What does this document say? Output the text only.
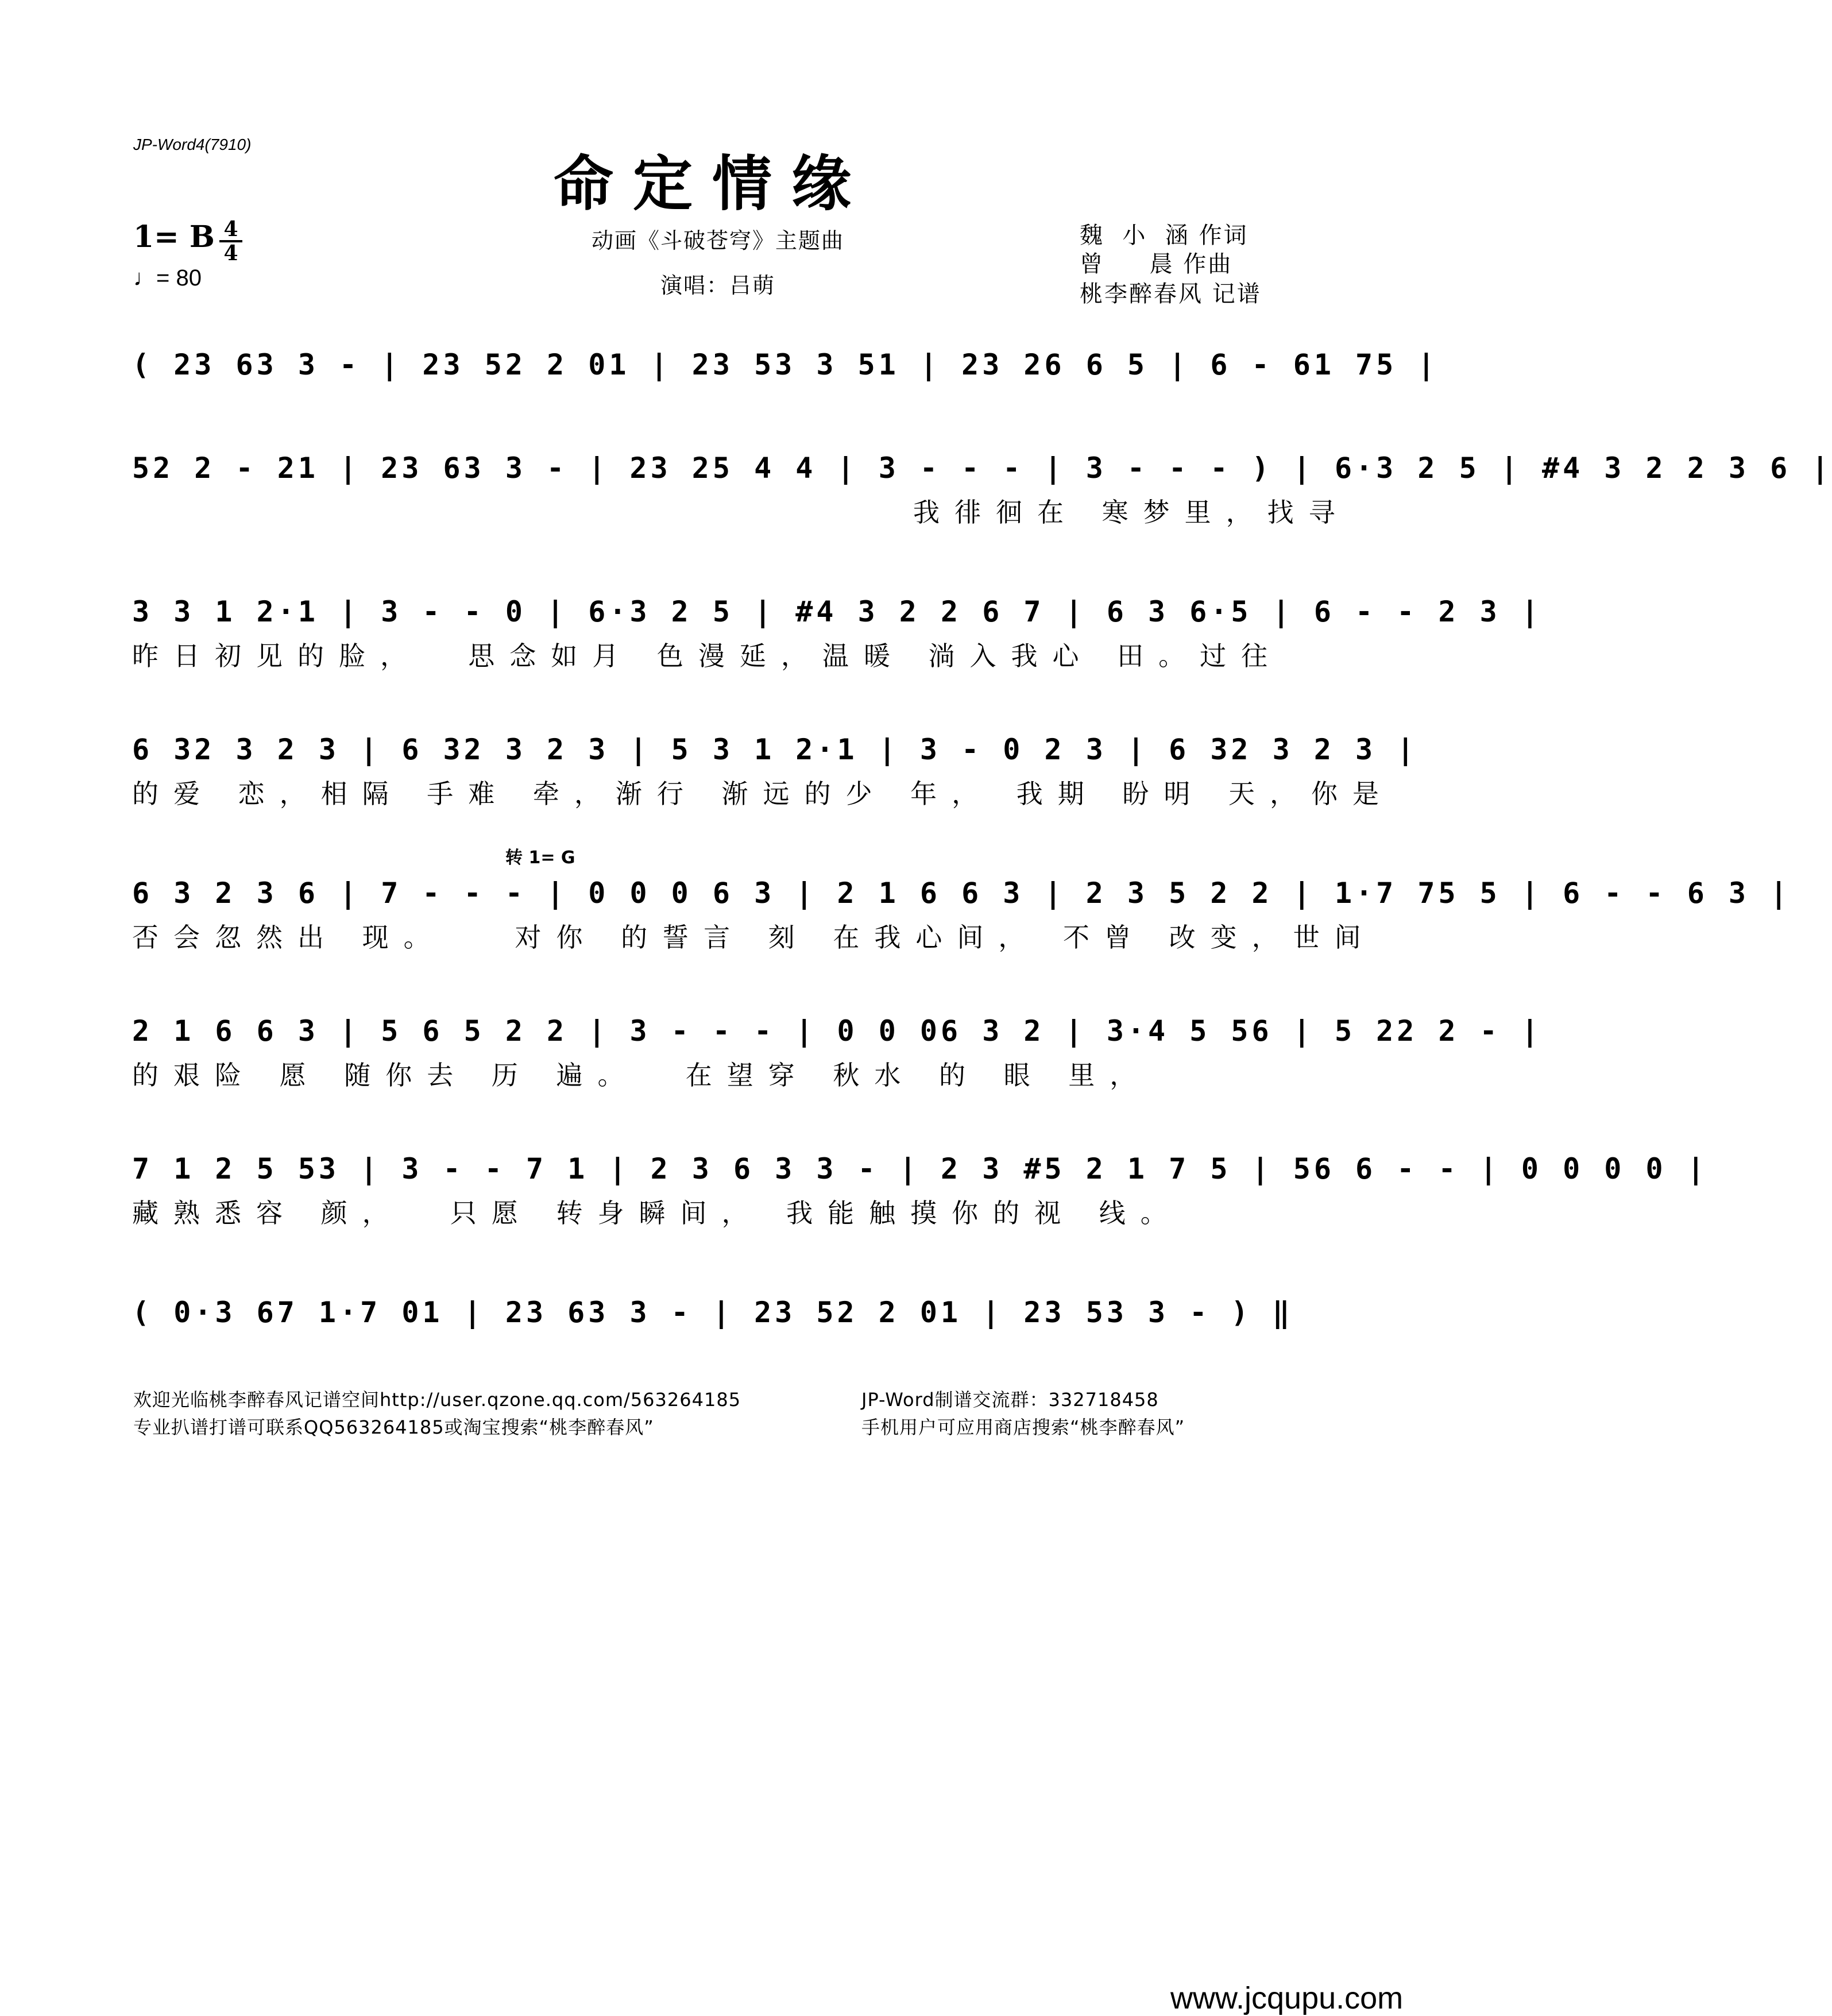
JP-Word4(7910)
命定情缘
1= B $\frac{4}{4}$
♩= 80
动画《斗破苍穹》主题曲
演唱：吕萌
魏  小  涵 作词
曾     晨 作曲
桃李醉春风 记谱
( 23 63 3 - | 23 52 2 01 | 23 53 3 51 | 23 26 6 5 | 6 - 61 75 |
52 2 - 21 | 23 63 3 - | 23 25 4 4 | 3 - - - | 3 - - - ) | 6·3 2 5 | #4 3 2 2 3 6 |
我徘徊在 寒梦里，找寻
3 3 1 2·1 | 3 - - 0 | 6·3 2 5 | #4 3 2 2 6 7 | 6 3 6·5 | 6 - - 2 3 |
昨日初见的脸，  思念如月 色漫延，温暖 淌入我心 田。过往
6 32 3 2 3 | 6 32 3 2 3 | 5 3 1 2·1 | 3 - 0 2 3 | 6 32 3 2 3 |
的爱 恋，相隔 手难 牵，渐行 渐远的少 年， 我期 盼明 天，你是
转 1= G
6 3 2 3 6 | 7 - - - | 0 0 0 6 3 | 2 1 6 6 3 | 2 3 5 2 2 | 1·7 75 5 | 6 - - 6 3 |
否会忽然出 现。   对你 的誓言 刻 在我心间， 不曾 改变，世间
2 1 6 6 3 | 5 6 5 2 2 | 3 - - - | 0 0 06 3 2 | 3·4 5 56 | 5 22 2 - |
的艰险 愿 随你去 历 遍。  在望穿 秋水 的 眼 里，
7 1 2 5 53 | 3 - - 7 1 | 2 3 6 3 3 - | 2 3 #5 2 1 7 5 | 56 6 - - | 0 0 0 0 |
藏熟悉容 颜，  只愿 转身瞬间， 我能触摸你的视 线。
( 0·3 67 1·7 01 | 23 63 3 - | 23 52 2 01 | 23 53 3 - ) ‖
欢迎光临桃李醉春风记谱空间http://user.qzone.qq.com/563264185
专业扒谱打谱可联系QQ563264185或淘宝搜索“桃李醉春风”
JP-Word制谱交流群：332718458
手机用户可应用商店搜索“桃李醉春风”
www.jcqupu.com
